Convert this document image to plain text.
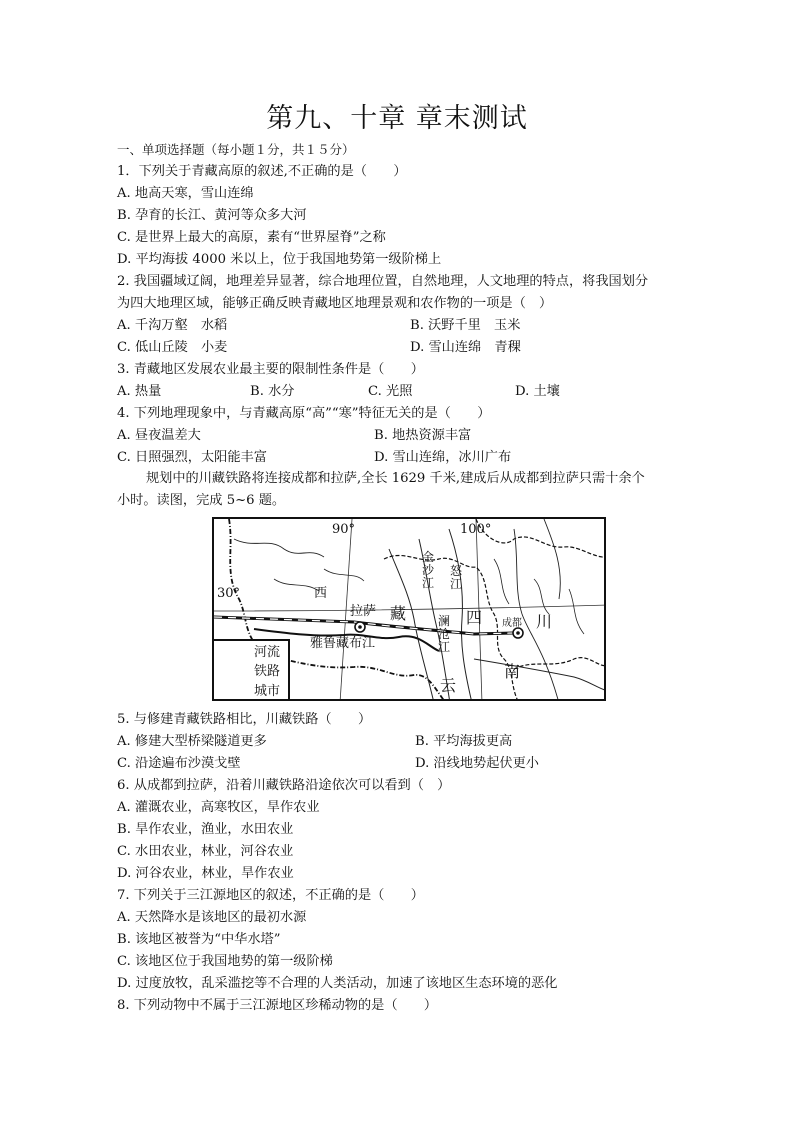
第九、十章 章末测试
一、单项选择题（每小题１分，共１５分）
1．下列关于青藏高原的叙述,不正确的是（　　）
A. 地高天寒，雪山连绵
B. 孕育的长江、黄河等众多大河
C. 是世界上最大的高原，素有“世界屋脊”之称
D. 平均海拔 4000 米以上，位于我国地势第一级阶梯上
2. 我国疆域辽阔，地理差异显著，综合地理位置，自然地理，人文地理的特点，将我国划分
为四大地理区域，能够正确反映青藏地区地理景观和农作物的一项是（　）
A. 千沟万壑　水稻	B. 沃野千里　玉米
C. 低山丘陵　小麦	D. 雪山连绵　青稞
3. 青藏地区发展农业最主要的限制性条件是（　　）
A. 热量	B. 水分	C. 光照	D. 土壤
4. 下列地理现象中，与青藏高原“高”“寒”特征无关的是（　　）
A. 昼夜温差大	B. 地热资源丰富
C. 日照强烈，太阳能丰富	D. 雪山连绵，冰川广布
规划中的川藏铁路将连接成都和拉萨,全长 1629 千米,建成后从成都到拉萨只需十余个
小时。读图，完成 5~6 题。
90°	100°
30°	西
拉萨 藏	四	川
成都
雅鲁藏布江
金沙江
怒江
澜沧江
云
南
河流
铁路
城市
5. 与修建青藏铁路相比，川藏铁路（　　）
A. 修建大型桥梁隧道更多	B. 平均海拔更高
C. 沿途遍布沙漠戈壁	D. 沿线地势起伏更小
6. 从成都到拉萨，沿着川藏铁路沿途依次可以看到（　）
A. 灌溉农业，高寒牧区，旱作农业
B. 旱作农业，渔业，水田农业
C. 水田农业，林业，河谷农业
D. 河谷农业，林业，旱作农业
7. 下列关于三江源地区的叙述，不正确的是（　　）
A. 天然降水是该地区的最初水源
B. 该地区被誉为“中华水塔”
C. 该地区位于我国地势的第一级阶梯
D. 过度放牧，乱采滥挖等不合理的人类活动，加速了该地区生态环境的恶化
8. 下列动物中不属于三江源地区珍稀动物的是（　　）
